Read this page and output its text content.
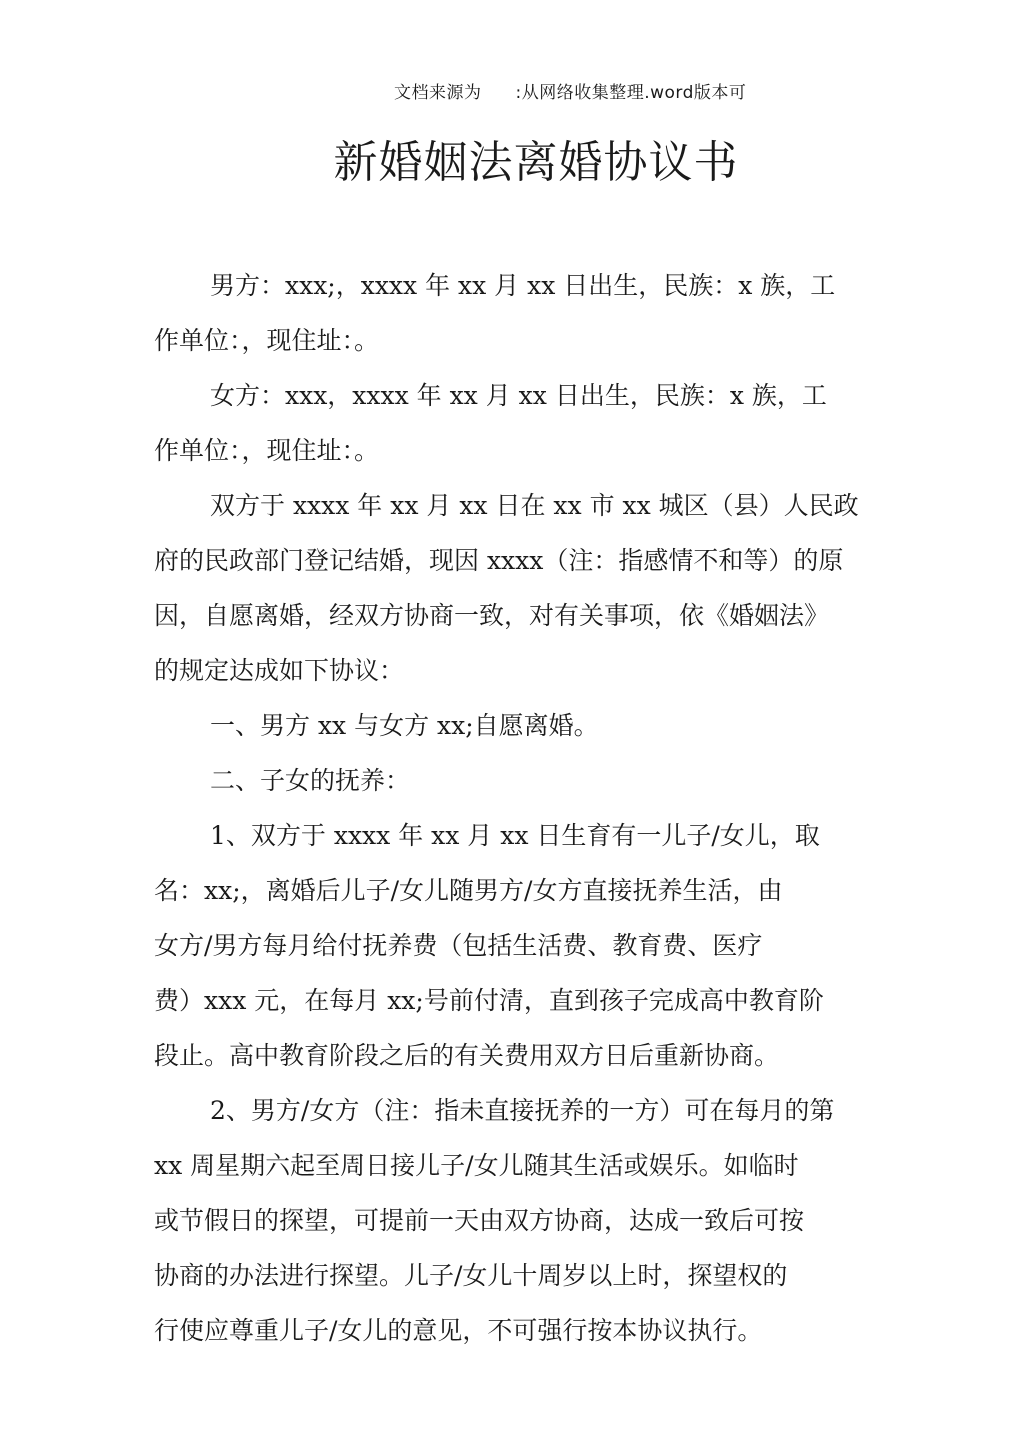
文档来源为 :从网络收集整理.word版本可
新婚姻法离婚协议书
男方：xxx;，xxxx 年 xx 月 xx 日出生，民族：x 族，工
作单位：，现住址：。
女方：xxx，xxxx 年 xx 月 xx 日出生，民族：x 族，工
作单位：，现住址：。
双方于 xxxx 年 xx 月 xx 日在 xx 市 xx 城区（县）人民政
府的民政部门登记结婚，现因 xxxx（注：指感情不和等）的原
因，自愿离婚，经双方协商一致，对有关事项，依《婚姻法》
的规定达成如下协议：
一、男方 xx 与女方 xx;自愿离婚。
二、子女的抚养：
1、双方于 xxxx 年 xx 月 xx 日生育有一儿子/女儿，取
名：xx;，离婚后儿子/女儿随男方/女方直接抚养生活，由
女方/男方每月给付抚养费（包括生活费、教育费、医疗
费）xxx 元，在每月 xx;号前付清，直到孩子完成高中教育阶
段止。高中教育阶段之后的有关费用双方日后重新协商。
2、男方/女方（注：指未直接抚养的一方）可在每月的第
xx 周星期六起至周日接儿子/女儿随其生活或娱乐。如临时
或节假日的探望，可提前一天由双方协商，达成一致后可按
协商的办法进行探望。儿子/女儿十周岁以上时，探望权的
行使应尊重儿子/女儿的意见，不可强行按本协议执行。
